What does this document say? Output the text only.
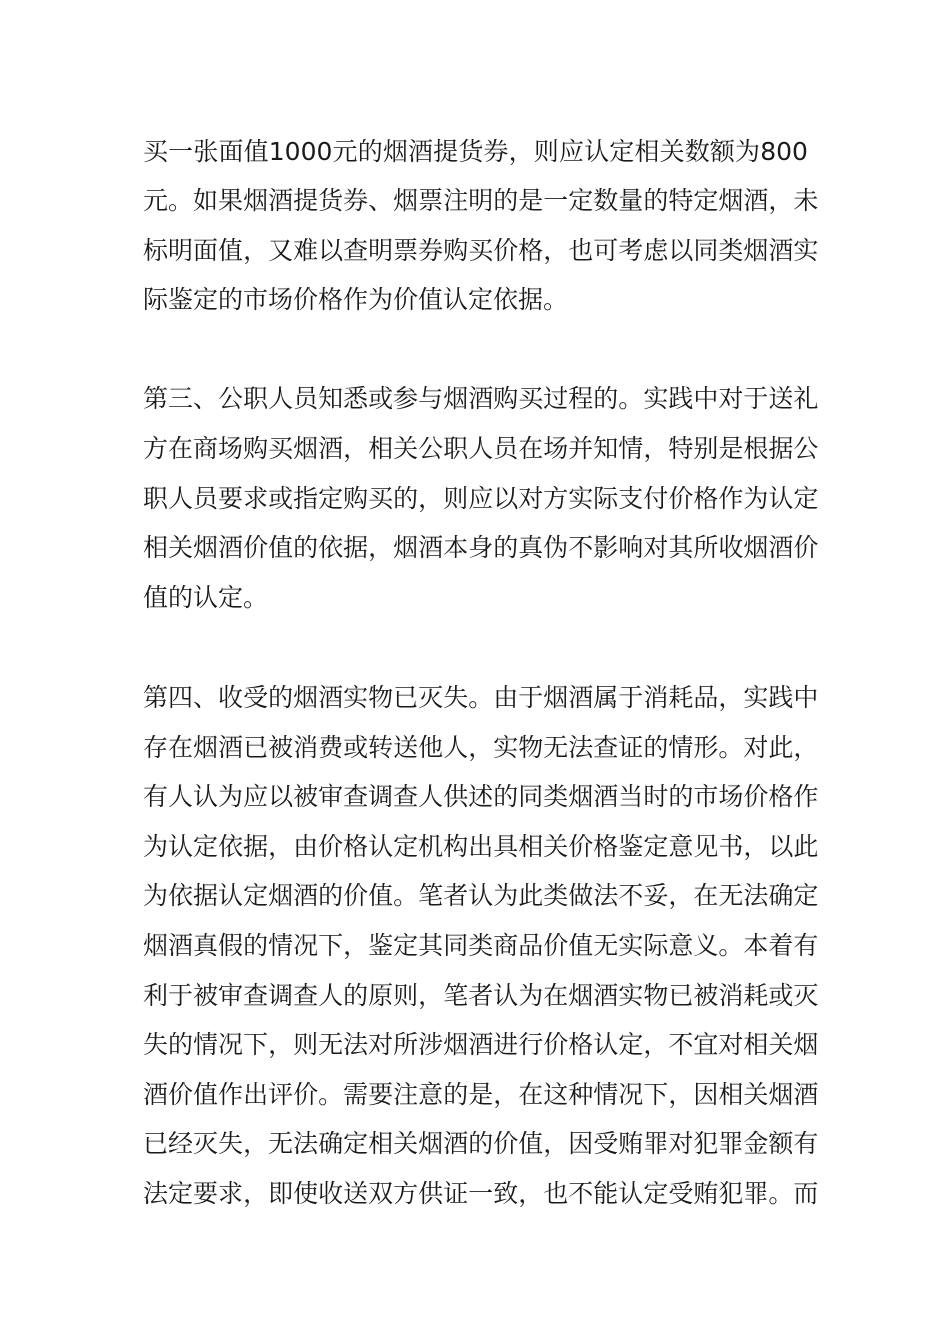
买 一 张 面 值 1000 元 的 烟 酒 提 货 券 ， 则 应 认 定 相 关 数 额 为 800
元 。 如 果 烟 酒 提 货 券 、 烟 票 注 明 的 是 一 定 数 量 的 特 定 烟 酒 ， 未
标 明 面 值 ， 又 难 以 查 明 票 券 购 买 价 格 ， 也 可 考 虑 以 同 类 烟 酒 实
际鉴定的市场价格作为价值认定依据。
第 三 、 公 职 人 员 知 悉 或 参 与 烟 酒 购 买 过 程 的 。 实 践 中 对 于 送 礼
方 在 商 场 购 买 烟 酒 ， 相 关 公 职 人 员 在 场 并 知 情 ， 特 别 是 根 据 公
职 人 员 要 求 或 指 定 购 买 的 ， 则 应 以 对 方 实 际 支 付 价 格 作 为 认 定
相 关 烟 酒 价 值 的 依 据 ， 烟 酒 本 身 的 真 伪 不 影 响 对 其 所 收 烟 酒 价
值的认定。
第 四 、 收 受 的 烟 酒 实 物 已 灭 失 。 由 于 烟 酒 属 于 消 耗 品 ， 实 践 中
存 在 烟 酒 已 被 消 费 或 转 送 他 人 ， 实 物 无 法 查 证 的 情 形 。 对 此 ，
有 人 认 为 应 以 被 审 查 调 查 人 供 述 的 同 类 烟 酒 当 时 的 市 场 价 格 作
为 认 定 依 据 ， 由 价 格 认 定 机 构 出 具 相 关 价 格 鉴 定 意 见 书 ， 以 此
为 依 据 认 定 烟 酒 的 价 值 。 笔 者 认 为 此 类 做 法 不 妥 ， 在 无 法 确 定
烟 酒 真 假 的 情 况 下 ， 鉴 定 其 同 类 商 品 价 值 无 实 际 意 义 。 本 着 有
利 于 被 审 查 调 查 人 的 原 则 ， 笔 者 认 为 在 烟 酒 实 物 已 被 消 耗 或 灭
失 的 情 况 下 ， 则 无 法 对 所 涉 烟 酒 进 行 价 格 认 定 ， 不 宜 对 相 关 烟
酒 价 值 作 出 评 价 。 需 要 注 意 的 是 ， 在 这 种 情 况 下 ， 因 相 关 烟 酒
已 经 灭 失 ， 无 法 确 定 相 关 烟 酒 的 价 值 ， 因 受 贿 罪 对 犯 罪 金 额 有
法 定 要 求 ， 即 使 收 送 双 方 供 证 一 致 ， 也 不 能 认 定 受 贿 犯 罪 。 而
